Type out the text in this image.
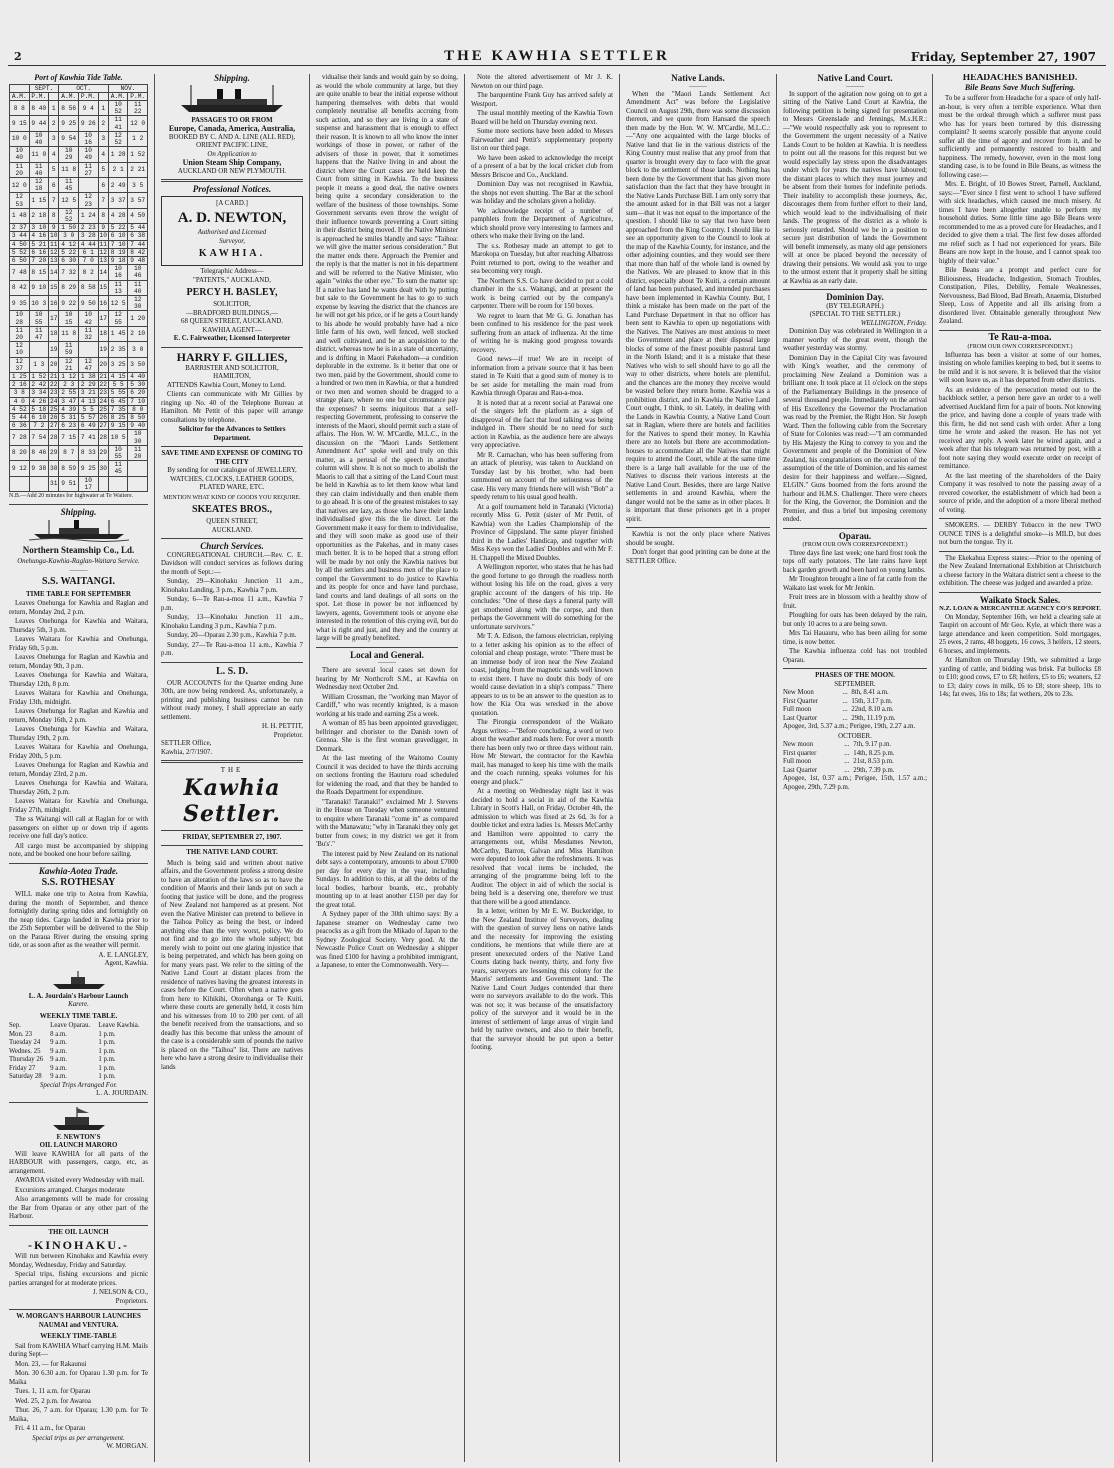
2	THE KAWHIA SETTLER	Friday, September 27, 1907
Port of Kawhia Tide Table.
	SEPT.		OCT.			NOV.	
A.M.	P.M.		A.M.	P.M.		A.M.	P.M.
8 8	8 40	1	8 56	9 4	1	10 52	11 22
9 15	9 44	2	9 25	9 26	2	11 41	12 0
10 0	10 40	3	9 54	10 16	3	12 52	1 2
10 40	11 0	4	10 29	10 49	4	1 28	1 52
11 20	11 40	5	11 8	11 27	5	2 1	2 21
12 0	12 18	6	11 45		6	2 49	3 5
12 53	1 15	7	12 5	12 23	7	3 37	3 57
1 48	2 18	8	12 52	1 24	8	4 28	4 50
2 37	3 10	9	1 50	2 23	9	5 22	5 44
3 44	4 16	10	3 0	3 28	10	6 10	6 38
4 50	5 21	11	4 12	4 44	11	7 10	7 44
5 52	6 16	12	5 22	6 1	12	8 19	8 42
6 50	7 20	13	6 30	7 0	13	9 18	9 48
7 48	8 15	14	7 32	8 2	14	10 16	10 46
8 42	9 10	15	8 29	8 58	15	11 13	11 40
9 35	10 3	16	9 22	9 50	16	12 5	12 30
10 28	10 55	17	10 15	10 42	17	12 55	1 20
11 20	11 47	18	11 8	11 32	18	1 45	2 10
12 10		19	11 59		19	2 35	3 0
12 37	1 3	20	12 21	12 47	20	3 25	3 50
1 25	1 52	21	1 12	1 38	21	4 15	4 40
2 16	2 42	22	2 3	2 29	22	5 5	5 30
3 8	3 34	23	2 55	3 21	23	5 55	6 20
4 0	4 26	24	3 47	4 13	24	6 45	7 10
4 52	5 18	25	4 39	5 5	25	7 35	8 0
5 44	6 10	26	5 31	5 57	26	8 25	8 50
6 36	7 2	27	6 23	6 49	27	9 15	9 40
7 28	7 54	28	7 15	7 41	28	10 5	10 30
8 20	8 46	29	8 7	8 33	29	10 55	11 20
9 12	9 38	30	8 59	9 25	30	11 45	
		31	9 51	10 17			

N.B.—Add 20 minutes for highwater at Te Waitere.

Shipping.
Northern Steamship Co., Ld.
Onehunga-Kawhia-Raglan-Waitara Service.
———
S.S. WAITANGI.
TIME TABLE FOR SEPTEMBER

Leaves Onehunga for Kawhia and Raglan and return, Monday 2nd, 2 p.m.

Leaves Onehunga for Kawhia and Waitara, Thursday 5th, 3 p.m.

Leaves Waitara for Kawhia and Onehunga, Friday 6th, 5 p.m.

Leaves Onehunga for Raglan and Kawhia and return, Monday 9th, 3 p.m.

Leaves Onehunga for Kawhia and Waitara, Thursday 12th, 8 p.m.

Leaves Waitara for Kawhia and Onehunga, Friday 13th, midnight.

Leaves Onehunga for Raglan and Kawhia and return, Monday 16th, 2 p.m.

Leaves Onehunga for Kawhia and Waitara, Thursday 19th, 2 p.m.

Leaves Waitara for Kawhia and Onehunga, Friday 20th, 5 p.m.

Leaves Onehunga for Raglan and Kawhia and return, Monday 23rd, 2 p.m.

Leaves Onehunga for Kawhia and Waitara, Thursday 26th, 2 p.m.

Leaves Waitara for Kawhia and Onehunga, Friday 27th, midnight.

The ss Waitangi will call at Raglan for or with passengers on either up or down trip if agents receive one full day's notice.

All cargo must be accompanied by shipping note, and be booked one hour before sailing.

Kawhia-Aotea Trade.
S.S. ROTHESAY

WILL make one trip to Aotea from Kawhia, during the month of September, and thence fortnightly during spring tides and fortnightly on the neap tides. Cargo landed in Kawhia prior to the 25th September will be delivered to the Ship on the Paraua River during the ensuing spring tide, or as soon after as the weather will permit.

A. E. LANGLEY,
Agent, Kawhia.
L. A. Jourdain's Harbour Launch
Karere.
WEEKLY TIME TABLE.
Sep.	Leave Oparau.	Leave Kawhia.
Mon. 23	8 a.m.	1 p.m.
Tuesday 24	9 a.m.	1 p.m.
Wednes. 25	9 a.m.	1 p.m.
Thursday 26	9 a.m.	1 p.m.
Friday 27	9 a.m.	1 p.m.
Saturday 28	9 a.m.	1 p.m.
Special Trips Arranged For.
L. A. JOURDAIN.
F. NEWTON'S
OIL LAUNCH MARORO

Will leave KAWHIA for all parts of the HARBOUR with passengers, cargo, etc, as arrangement.

AWAROA visited every Wednesday with mail.

Excursions arranged. Charges moderate

Also arrangements will be made for crossing the Bar from Oparau or any other part of the Harbour.

THE OIL LAUNCH
-KINOHAKU.-

Will run between Kinohaku and Kawhia every Monday, Wednesday, Friday and Saturday.

Special trips, fishing excursions and picnic parties arranged for at moderate prices.

J. NELSON & CO.,
Proprietors.
W. MORGAN'S HARBOUR LAUNCHES NAUMAI and VENTURA.
WEEKLY TIME-TABLE

Sail from KAWHIA Wharf carrying H.M. Mails during Sept—

Mon. 23, — for Rakaunui

Mon. 30 6.30 a.m. for Oparau 1.30 p.m. for Te Maika

Tues. 1, 11 a.m. for Oparau

Wed. 25, 2 p.m. for Awaroa

Thur. 26, 7 a.m. for Oparau; 1.30 p.m. for Te Maika,

Fri. 4 11 a.m., for Oparau

Special trips as per arrangement.
W. MORGAN.
Shipping.
PASSAGES TO OR FROM
Europe, Canada, America, Australia,
BOOKED BY C. AND A. LINE (ALL RED), ORIENT PACIFIC LINE,
On Application to
Union Steam Ship Company,
AUCKLAND OR NEW PLYMOUTH.
Professional Notices.
[A CARD.]
A. D. NEWTON,
Authorised and Licensed
Surveyor,
KAWHIA.
Telegraphic Address—
"PATENTS," AUCKLAND,
PERCY H. BASLEY,
SOLICITOR,
—BRADFORD BUILDINGS,—
68 QUEEN STREET, AUCKLAND.
KAWHIA AGENT—
E. C. Fairweather, Licensed Interpreter
HARRY F. GILLIES,
BARRISTER AND SOLICITOR,
HAMILTON,

ATTENDS Kawhia Court, Money to Lend.

Clients can communicate with Mr Gillies by ringing up No. 40 of the Telephone Bureau at Hamilton. Mr Pettit of this paper will arrange consultations by telephone.

Solicitor for the Advances to Settlers Department.
SAVE TIME AND EXPENSE OF COMING TO THE CITY

By sending for our catalogue of JEWELLERY, WATCHES, CLOCKS, LEATHER GOODS, PLATED WARE, ETC.

MENTION WHAT KIND OF GOODS YOU REQUIRE.
SKEATES BROS.,
QUEEN STREET,
AUCKLAND.
Church Services.

CONGREGATIONAL CHURCH.—Rev. C. E. Davidson will conduct services as follows during the month of Sept.:—

Sunday, 29—Kinohaku Junction 11 a.m., Kinohaku Landing, 3 p.m., Kawhia 7 p.m.

Sunday, 6—Te Rau-a-moa 11 a.m., Kawhia 7 p.m.

Sunday, 13—Kinohaku Junction 11 a.m., Kinohaku Landing 3 p.m., Kawhia 7 p.m.

Sunday, 20—Oparau 2.30 p.m., Kawhia 7 p.m.

Sunday, 27—Te Rau-a-moa 11 a.m., Kawhia 7 p.m.

L. S. D.

OUR ACCOUNTS for the Quarter ending June 30th, are now being rendered. As, unfortunately, a printing and publishing business cannot be run without ready money, I shall appreciate an early settlement.

H. H. PETTIT,
Proprietor.
SETTLER Office,
Kawhia, 2/7/1907.
THE
Kawhia Settler.
FRIDAY, SEPTEMBER 27, 1907.
THE NATIVE LAND COURT.

Much is being said and written about native affairs, and the Government profess a strong desire to have an alteration of the laws so as to have the condition of Maoris and their lands put on such a footing that justice will be done, and the progress of New Zealand not hampered as at present. Not even the Native Minister can pretend to believe in the Taihoa Policy as being the best, or indeed anything else than the very worst, policy. We do not find and to go into the whole subject; but merely wish to point out one glaring injustice that is being perpetrated, and which has been going on for many years past. We refer to the sitting of the Native Land Court at distant places from the residence of natives having the greatest interests in cases before the Court. Often when a native goes from here to Kihikihi, Otorohanga or Te Kuiti, where these courts are generally held, it costs him and his witnesses from 10 to 200 per cent. of all the benefit received from the transactions, and so deadly has this become that unless the amount of the case is a considerable sum of pounds the native is placed on the "Taihoa" list. There are natives here who have a strong desire to individualise their lands

vidualise their lands and would gain by so doing, as would the whole community at large, but they are quite unable to bear the initial expense without hampering themselves with debts that would completely neutralise all benefits accruing from such action, and so they are living in a state of suspense and harassment that is enough to effect their reason. It is known to all who know the inner workings of those in power, or rather of the advisers of those in power, that it sometimes happens that the Native living in and about the district where the Court cases are held keep the Court from sitting in Kawhia. To the business people it means a good deal, the native owners being quite a secondary consideration to the welfare of the business of those townships. Some Government servants even throw the weight of their influence towards preventing a Court sitting in their district being moved. If the Native Minister is approached he smiles blandly and says: "Taihoa: we will give the matter serious consideration." But the matter ends there. Approach the Premier and the reply is that the matter is not in his department and will be referred to the Native Minister, who again "winks the other eye." To sum the matter up: If a native has land he wants dealt with by putting but sale to the Government he has to go to such expense by leaving the district that the chances are he will not get his price, or if he gets a Court handy to his abode he would probably have had a nice little farm of his own, well fenced, well stocked and well cultivated, and be an acquisition to the district, whereas now he is in a state of uncertainty, and is drifting in Maori Pakehadom—a condition deplorable in the extreme. Is it better that one or two men, paid by the Government, should come to a hundred or two men in Kawhia, or that a hundred or two men and women should be dragged to a strange place, where no one but circumstance pay the expenses? It seems iniquitous that a self-respecting Government, professing to conserve the interests of the Maori, should permit such a state of affairs. The Hon. W. W. M'Cardle, M.L.C., in the discussion on the "Maori Lands Settlement Amendment Act" spoke well and truly on this matter, as a perusal of the speech in another column will show. It is not so much to abolish the Maoris to call that a sitting of the Land Court must be held in Kawhia as to let them know what land they can claim individually and then enable them to go ahead. It is one of the greatest mistakes to say that natives are lazy, as those who have their lands individualised give this the lie direct. Let the Government make it easy for them to individualise, and they will soon make as good use of their opportunities as the Pakehas, and in many cases much better. It is to be hoped that a strong effort will be made by not only the Kawhia natives but by all the settlers and business men of the place to compel the Government to do justice to Kawhia and its people for once and have land purchase, land courts and land dealings of all sorts on the spot. Let those in power be not influenced by lawyers, agents, Government tools or anyone else interested in the retention of this crying evil, but do what is right and just, and they and the country at large will be greatly benefited.

Local and General.
———

There are several local cases set down for hearing by Mr Northcroft S.M., at Kawhia on Wednesday next October 2nd.

William Crossman, the "working man Mayor of Cardiff," who was recently knighted, is a mason working at his trade and earning 25s a week.

A woman of 85 has been appointed gravedigger, bellringer and chorister to the Danish town of Grenoa. She is the first woman gravedigger, in Denmark.

At the last meeting of the Waitomo County Council it was decided to have the thirds accruing on sections fronting the Hauturu road scheduled for widening the road, and that they be handed to the Roads Department for expenditure.

"Taranaki! Taranaki!" exclaimed Mr J. Stevens in the House on Tuesday when someone ventured to enquire where Taranaki "come in" as compared with the Manawatu; "why in Taranaki they only get butter from cows; in my district we get it from 'Bu's'."

The interest paid by New Zealand on its national debt says a contemporary, amounts to about £7000 per day for every day in the year, including Sundays. In addition to this, at all the debts of the local bodies, harbour boards, etc., probably mounting up to at least another £150 per day for the great total.

A Sydney paper of the 30th ultimo says: By a Japanese steamer on Wednesday came two peacocks as a gift from the Mikado of Japan to the Sydney Zoological Society. Very good. At the Newcastle Police Court on Wednesday a shipper was fined £100 for having a prohibited immigrant, a Japanese, to enter the Commonwealth. Very—

Note the altered advertisement of Mr J. K. Newton on our third page.

The barquentine Frank Guy has arrived safely at Westport.

The usual monthly meeting of the Kawhia Town Board will be held on Thursday evening next.

Some more sections have been added to Messrs Fairweather and Pettit's supplementary property list on our third page.

We have been asked to acknowledge the receipt of a present of a bat by the local cricket club from Messrs Briscoe and Co., Auckland.

Dominion Day was not recognised in Kawhia, the shops not even shutting. The Bar at the school was holiday and the scholars given a holiday.

We acknowledge receipt of a number of pamphlets from the Department of Agriculture, which should prove very interesting to farmers and others who make their living on the land.

The s.s. Rothesay made an attempt to get to Marokopa on Tuesday, but after reaching Albatross Point returned to port, owing to the weather and sea becoming very rough.

The Northern S.S. Co have decided to put a cold chamber in the s.s. Waitangi, and at present the work is being carried out by the company's carpenter. There will be room for 150 boxes.

We regret to learn that Mr G. G. Jonathan has been confined to his residence for the past week suffering from an attack of influenza. At the time of writing he is making good progress towards recovery.

Good news—if true! We are in receipt of information from a private source that it has been stated in Te Kuiti that a good sum of money is to be set aside for metalling the main road from Kawhia through Oparau and Rau-a-moa.

It is noted that at a recent social at Parawai one of the singers left the platform as a sign of disapproval of the fact that loud talking was being indulged in. There should be no need for such action in Kawhia, as the audience here are always very appreciative.

Mr R. Carnachan, who has been suffering from an attack of pleurisy, was taken to Auckland on Tuesday last by his brother, who had been summoned on account of the seriousness of the case. His very many friends here will wish "Bob" a speedy return to his usual good health.

At a golf tournament held in Taranaki (Victoria) recently Miss G. Pettit (sister of Mr Pettit, of Kawhia) won the Ladies Championship of the Province of Gippsland. The same player finished third in the Ladies' Handicap, and together with Miss Keys won the Ladies' Doubles and with Mr F. H. Chappell the Mixed Doubles.

A Wellington reporter, who states that he has had the good fortune to go through the roadless north without losing his life on the road, gives a very graphic account of the dangers of his trip. He concludes: "One of these days a funeral party will get smothered along with the corpse, and then perhaps the Government will do something for the unfortunate survivors."

Mr T. A. Edison, the famous electrician, replying to a letter asking his opinion as to the effect of colonial and cheap postage, wrote: "There must be an immense body of iron near the New Zealand coast, judging from the magnetic sands well known to exist there. I have no doubt this body of ore would cause deviation in a ship's compass." There appears to us to be an answer to the question as to how the Kia Ora was wrecked in the above quotation.

The Pirongia correspondent of the Waikato Argus writes:—"Before concluding, a word or two about the weather and roads here. For over a month there has been only two or three days without rain. How Mr Stewart, the contractor for the Kawhia mail, has managed to keep his time with the mails and the coach running, speaks volumes for his energy and pluck."

At a meeting on Wednesday night last it was decided to hold a social in aid of the Kawhia Library in Scott's Hall, on Friday, October 4th, the admission to which was fixed at 2s 6d, 3s for a double ticket and extra ladies 1s. Messrs McCarthy and Hamilton were appointed to carry the arrangements out, whilst Mesdames Newton, McCarthy, Barron, Galvan and Miss Hamilton were deputed to look after the refreshments. It was resolved that vocal items be included, the arranging of the programme being left to the Auditor. The object in aid of which the social is being held is a deserving one, therefore we trust that there will be a good attendance.

In a letter, written by Mr E. W. Buckeridge, to the New Zealand Institute of Surveyors, dealing with the question of survey liens on native lands and the necessity for improving the existing conditions, he mentions that while there are at present unexecuted orders of the Native Land Courts dating back twenty, thirty, and forty five years, surveyors are lessening this colony for the Maoris' settlements and Government land. The Native Land Court Judges contended that there were no surveyors available to do the work. This was not so; it was because of the unsatisfactory policy of the surveyor and it would be in the interest of settlement of large areas of virgin land held by native owners, and also to their benefit, that the surveyor should be put upon a better footing.

Native Lands.
———

When the "Maori Lands Settlement Act Amendment Act" was before the Legislative Council on August 29th, there was some discussion thereon, and we quote from Hansard the speech then made by the Hon. W. W. M'Cardle, M.L.C.:—"Any one acquainted with the large blocks of Native land that lie in the various districts of the King Country must realise that any proof from that quarter is brought every day to face with the great block to the settlement of those lands. Nothing has been done by the Government that has given more satisfaction than the fact that they have brought in the Native Lands Purchase Bill. I am only sorry that the amount asked for in that Bill was not a larger sum—that it was not equal to the importance of the question. I should like to say that two have been approached from the King Country. I should like to see an opportunity given to the Council to look at the map of the Kawhia County, for instance, and the other adjoining counties, and they would see there that more than half of the whole land is owned by the Natives. We are pleased to know that in this district, especially about Te Kuiti, a certain amount of land has been purchased, and intended purchases have been implemented in Kawhia County. But, I think a mistake has been made on the part of the Land Purchase Department in that no officer has been sent to Kawhia to open up negotiations with the Natives. The Natives are most anxious to meet the Government and place at their disposal large blocks of some of the finest possible pastoral land in the North Island; and it is a mistake that these Natives who wish to sell should have to go all the way to other districts, where hotels are plentiful, and the chances are the money they receive would be wasted before they return home. Kawhia was a prohibition district, and in Kawhia the Native Land Court ought, I think, to sit. Lately, in dealing with the Lands in Kawhia County, a Native Land Court sat in Raglan, where there are hotels and facilities for the Natives to spend their money. In Kawhia there are no hotels but there are accommodation-houses to accommodate all the Natives that might require to attend the Court, while at the same time there is a large hall available for the use of the Natives to discuss their various interests at the Native Land Court. Besides, there are large Native settlements in and around Kawhia, where the danger would not be the same as in other places. It is important that these prisoners get in a proper spirit.

Kawhia is not the only place where Natives should be sought.

Don't forget that good printing can be done at the SETTLER Office.

Native Land Court.
———

In support of the agitation now going on to get a sitting of the Native Land Court at Kawhia, the following petition is being signed for presentation to Messrs Greenslade and Jennings, M.s.H.R.:—"We would respectfully ask you to represent to the Government the urgent necessity of a Native Lands Court to be holden at Kawhia. It is needless to point out all the reasons for this request but we would especially lay stress upon the disadvantages under which for years the natives have laboured; the distant places to which they must journey and be absent from their homes for indefinite periods. Their inability to accomplish these journeys, &c, discourages them from further effort to their land, which would lead to the individualising of their lands. The progress of the district as a whole is seriously retarded. Should we be in a position to secure just distribution of lands the Government will benefit immensely, as many old age pensioners will at once be placed beyond the necessity of drawing their pensions. We would ask you to urge to the utmost extent that it property shall be sitting at Kawhia as an early date.

Dominion Day.
(BY TELEGRAPH.)
(SPECIAL TO THE SETTLER.)
WELLINGTON, Friday.

Dominion Day was celebrated in Wellington in a manner worthy of the great event, though the weather yesterday was stormy.

Dominion Day in the Capital City was favoured with King's weather, and the ceremony of proclaiming New Zealand a Dominion was a brilliant one. It took place at 11 o'clock on the steps of the Parliamentary Buildings in the presence of several thousand people. Immediately on the arrival of His Excellency the Governor the Proclamation was read by the Premier, the Right Hon. Sir Joseph Ward. Then the following cable from the Secretary of State for Colonies was read:—"I am commanded by His Majesty the King to convey to you and the Government and people of the Dominion of New Zealand, his congratulations on the occasion of the assumption of the title of Dominion, and his earnest desire for their happiness and welfare.—Signed, ELGIN." Guns boomed from the forts around the harbour and H.M.S. Challenger. There were cheers for the King, the Governor, the Dominion and the Premier, and thus a brief but imposing ceremony ended.

Oparau.
(FROM OUR OWN CORRESPONDENT.)

Three days fine last week; one hard frost took the tops off early potatoes. The late rains have kept back garden growth and been hard on young lambs.

Mr Troughton brought a line of fat cattle from the Waikato last week for Mr Jenkin.

Fruit trees are in blossom with a healthy show of fruit.

Ploughing for oats has been delayed by the rain, but only 10 acres to a are being sown.

Mrs Tai Hauauru, who has been ailing for some time, is now better.

The Kawhia influenza cold has not troubled Oparau.

PHASES OF THE MOON.
SEPTEMBER.
New Moon	...	8th, 8.41 a.m.
First Quarter	...	15th, 3.17 p.m.
Full moon	...	22nd, 8.10 a.m.
Last Quarter	...	29th, 11.19 p.m.

Apogee, 3rd, 5.37 a.m.; Perigee, 19th, 2.27 a.m.

OCTOBER.
New moon	...	7th, 9.17 p.m.
First quarter	...	14th, 8.25 p.m.
Full moon	...	21st, 8.53 p.m.
Last Quarter	...	29th, 7.39 p.m.

Apogee, 1st, 0.37 a.m.; Perigee, 15th, 1.57 a.m.; Apogee, 29th, 7.29 p.m.

HEADACHES BANISHED.
Bile Beans Save Much Suffering.

To be a sufferer from Headache for a space of only half-an-hour, is very often a terrible experience. What then must be the ordeal through which a sufferer must pass who has for years been tortured by this distressing complaint? It seems scarcely possible that anyone could suffer all the time of agony and recover from it, and be sufficiently and permanently restored to health and happiness. The remedy, however, even in the most long standing case, is to be found in Bile Beans, as witness the following case:—

Mrs. E. Bright, of 10 Bowes Street, Parnell, Auckland, says:—"Ever since I first went to school I have suffered with sick headaches, which caused me much misery. At times I have been altogether unable to perform my household duties. Some little time ago Bile Beans were recommended to me as a proved cure for Headaches, and I decided to give them a trial. The first few doses afforded me relief such as I had not experienced for years. Bile Beans are now kept in the house, and I cannot speak too highly of their value."

Bile Beans are a prompt and perfect cure for Biliousness, Headache, Indigestion, Stomach Troubles, Constipation, Piles, Debility, Female Weaknesses, Nervousness, Bad Blood, Bad Breath, Anaemia, Disturbed Sleep, Loss of Appetite and all ills arising from a disordered liver. Obtainable generally throughout New Zealand.

Te Rau-a-moa.
(FROM OUR OWN CORRESPONDENT.)

Influenza has been a visitor at some of our homes, insisting on whole families keeping to bed, but it seems to be mild and it is not severe. It is believed that the visitor will soon leave us, as it has departed from other districts.

As an evidence of the persecution meted out to the backblock settler, a person here gave an order to a well advertised Auckland firm for a pair of boots. Not knowing the price, and having done a couple of years trade with this firm, he did not send cash with order. After a long time he wrote and asked the reason. He has not yet received any reply. A week later he wired again, and a week after that his telegram was returned by post, with a foot note saying they would execute order on receipt of remittance.

At the last meeting of the shareholders of the Dairy Company it was resolved to note the passing away of a revered coworker, the establishment of which had been a source of pride, and the adoption of a more liberal method of voting.

SMOKERS. — DERBY Tobacco in the new TWO OUNCE TINS is a delightful smoke—is MILD, but does not burn the tongue. Try it.

The Ekekahua Express states:—Prior to the opening of the New Zealand International Exhibition at Christchurch a cheese factory in the Waitara district sent a cheese to the exhibition. The cheese was judged and awarded a prize.

Waikato Stock Sales.
N.Z. LOAN & MERCANTILE AGENCY CO'S REPORT.

On Monday, September 16th, we held a clearing sale at Taupiri on account of Mr Geo. Kyle, at which there was a large attendance and keen competition. Sold mortgages, 25 ewes, 2 rams, 48 hoggets, 16 cows, 3 heifers, 12 steers, 6 horses, and implements.

At Hamilton on Thursday 19th, we submitted a large yarding of cattle, and bidding was brisk. Fat bullocks £8 to £10; good cows, £7 to £8; heifers, £5 to £6; weaners, £2 to £3; dairy cows in milk, £6 to £8; store sheep, 10s to 14s; fat ewes, 16s to 18s; fat wethers, 20s to 23s.
